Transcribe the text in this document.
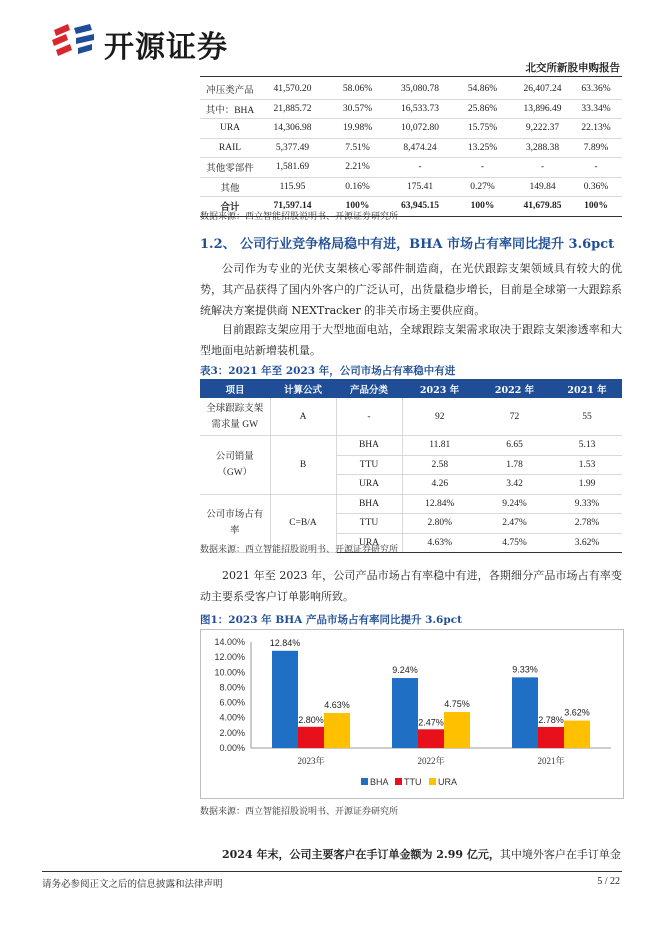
开源证券
北交所新股申购报告
冲压类产品	41,570.20	58.06%	35,080.78	54.86%	26,407.24	63.36%
其中：BHA	21,885.72	30.57%	16,533.73	25.86%	13,896.49	33.34%
URA	14,306.98	19.98%	10,072.80	15.75%	9,222.37	22.13%
RAIL	5,377.49	7.51%	8,474.24	13.25%	3,288.38	7.89%
其他零部件	1,581.69	2.21%	-	-	-	-
其他	115.95	0.16%	175.41	0.27%	149.84	0.36%
合计	71,597.14	100%	63,945.15	100%	41,679.85	100%
数据来源：西立智能招股说明书、开源证券研究所
1.2、 公司行业竞争格局稳中有进，BHA 市场占有率同比提升 3.6pct
公司作为专业的光伏支架核心零部件制造商，在光伏跟踪支架领域具有较大的优势，其产品获得了国内外客户的广泛认可，出货量稳步增长，目前是全球第一大跟踪系统解决方案提供商 NEXTracker 的非关市场主要供应商。
目前跟踪支架应用于大型地面电站，全球跟踪支架需求取决于跟踪支架渗透率和大型地面电站新增装机量。
表3：2021 年至 2023 年，公司市场占有率稳中有进
项目	计算公式	产品分类	2023 年	2022 年	2021 年
全球跟踪支架需求量 GW	A	-	92	72	55
公司销量（GW）	B	BHA	11.81	6.65	5.13
		TTU	2.58	1.78	1.53
		URA	4.26	3.42	1.99
公司市场占有率	C=B/A	BHA	12.84%	9.24%	9.33%
		TTU	2.80%	2.47%	2.78%
		URA	4.63%	4.75%	3.62%
数据来源：西立智能招股说明书、开源证券研究所
2021 年至 2023 年，公司产品市场占有率稳中有进，各期细分产品市场占有率变动主要系受客户订单影响所致。
图1：2023 年 BHA 产品市场占有率同比提升 3.6pct
0.00%
2.00%
4.00%
6.00%
8.00%
10.00%
12.00%
14.00%	12.84%
2.80%
4.63%
2023年
9.24%
2.47%
4.75%
2022年
9.33%
2.78%
3.62%
2021年
BHA TTU URA
数据来源：西立智能招股说明书、开源证券研究所
2024 年末，公司主要客户在手订单金额为 2.99 亿元，其中境外客户在手订单金
请务必参阅正文之后的信息披露和法律声明	5 / 22
